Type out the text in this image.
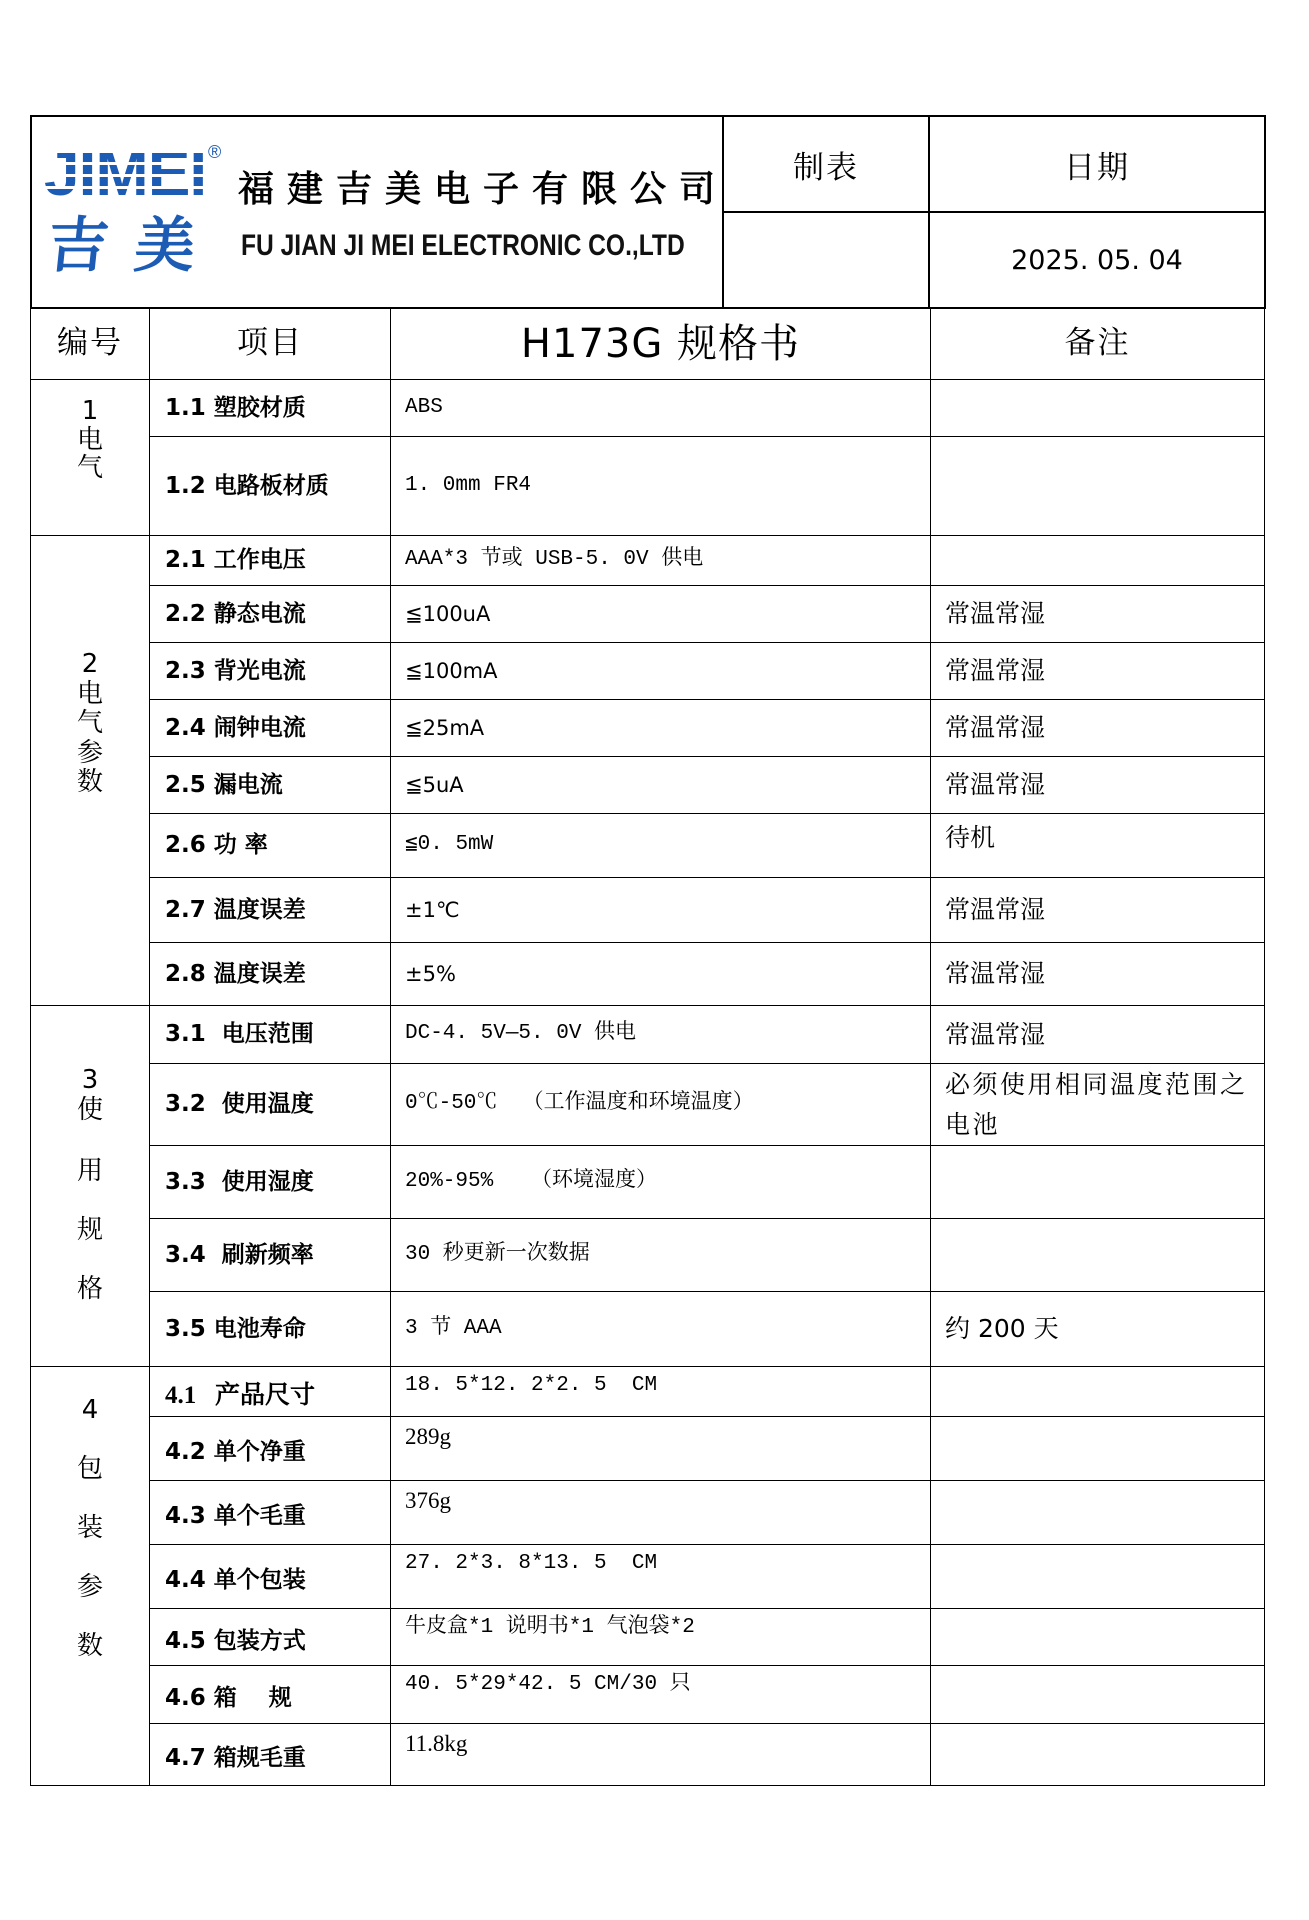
JIMEI ®
吉美
福建吉美电子有限公司
FU JIAN JI MEI ELECTRONIC CO.,LTD	制表	日期
		2025. 05. 04
编号	项目	H173G 规格书	备注

1
电
气	1.1 塑胶材质	ABS	
	1.2 电路板材质	1. 0mm FR4	

2
电
气
参
数	2.1 工作电压	AAA*3 节或 USB-5. 0V 供电	
	2.2 静态电流	≦100uA	常温常湿
	2.3 背光电流	≦100mA	常温常湿
	2.4 闹钟电流	≦25mA	常温常湿
	2.5 漏电流	≦5uA	常温常湿
	2.6 功 率	≦0. 5mW	待机
	2.7 温度误差	±1℃	常温常湿
	2.8 温度误差	±5%	常温常湿

3
使
用
规
格	3.1  电压范围	DC-4. 5V—5. 0V 供电	常温常湿
	3.2  使用温度	0℃-50℃  （工作温度和环境温度）	必须使用相同温度范围之电池
	3.3  使用湿度	20%-95%   （环境湿度）	
	3.4  刷新频率	30 秒更新一次数据	
	3.5 电池寿命	3 节 AAA	约 200 天

4
包
装
参
数	4.1   产品尺寸	18. 5*12. 2*2. 5  CM	
	4.2 单个净重	289g	
	4.3 单个毛重	376g	
	4.4 单个包装	27. 2*3. 8*13. 5  CM	
	4.5 包装方式	牛皮盒*1 说明书*1 气泡袋*2	
	4.6 箱    规	40. 5*29*42. 5 CM/30 只	
	4.7 箱规毛重	11.8kg	
